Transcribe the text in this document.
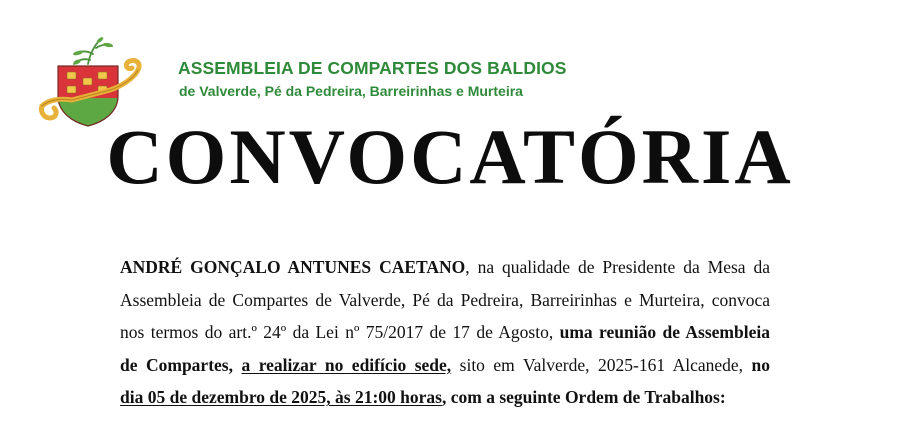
ASSEMBLEIA DE COMPARTES DOS BALDIOS
de Valverde, Pé da Pedreira, Barreirinhas e Murteira
CONVOCATÓRIA
ANDRÉ GONÇALO ANTUNES CAETANO, na qualidade de Presidente da Mesa da
Assembleia de Compartes de Valverde, Pé da Pedreira, Barreirinhas e Murteira, convoca
nos termos do art.º 24º da Lei nº 75/2017 de 17 de Agosto, uma reunião de Assembleia
de Compartes, a realizar no edifício sede, sito em Valverde, 2025-161 Alcanede, no
dia 05 de dezembro de 2025, às 21:00 horas, com a seguinte Ordem de Trabalhos:
